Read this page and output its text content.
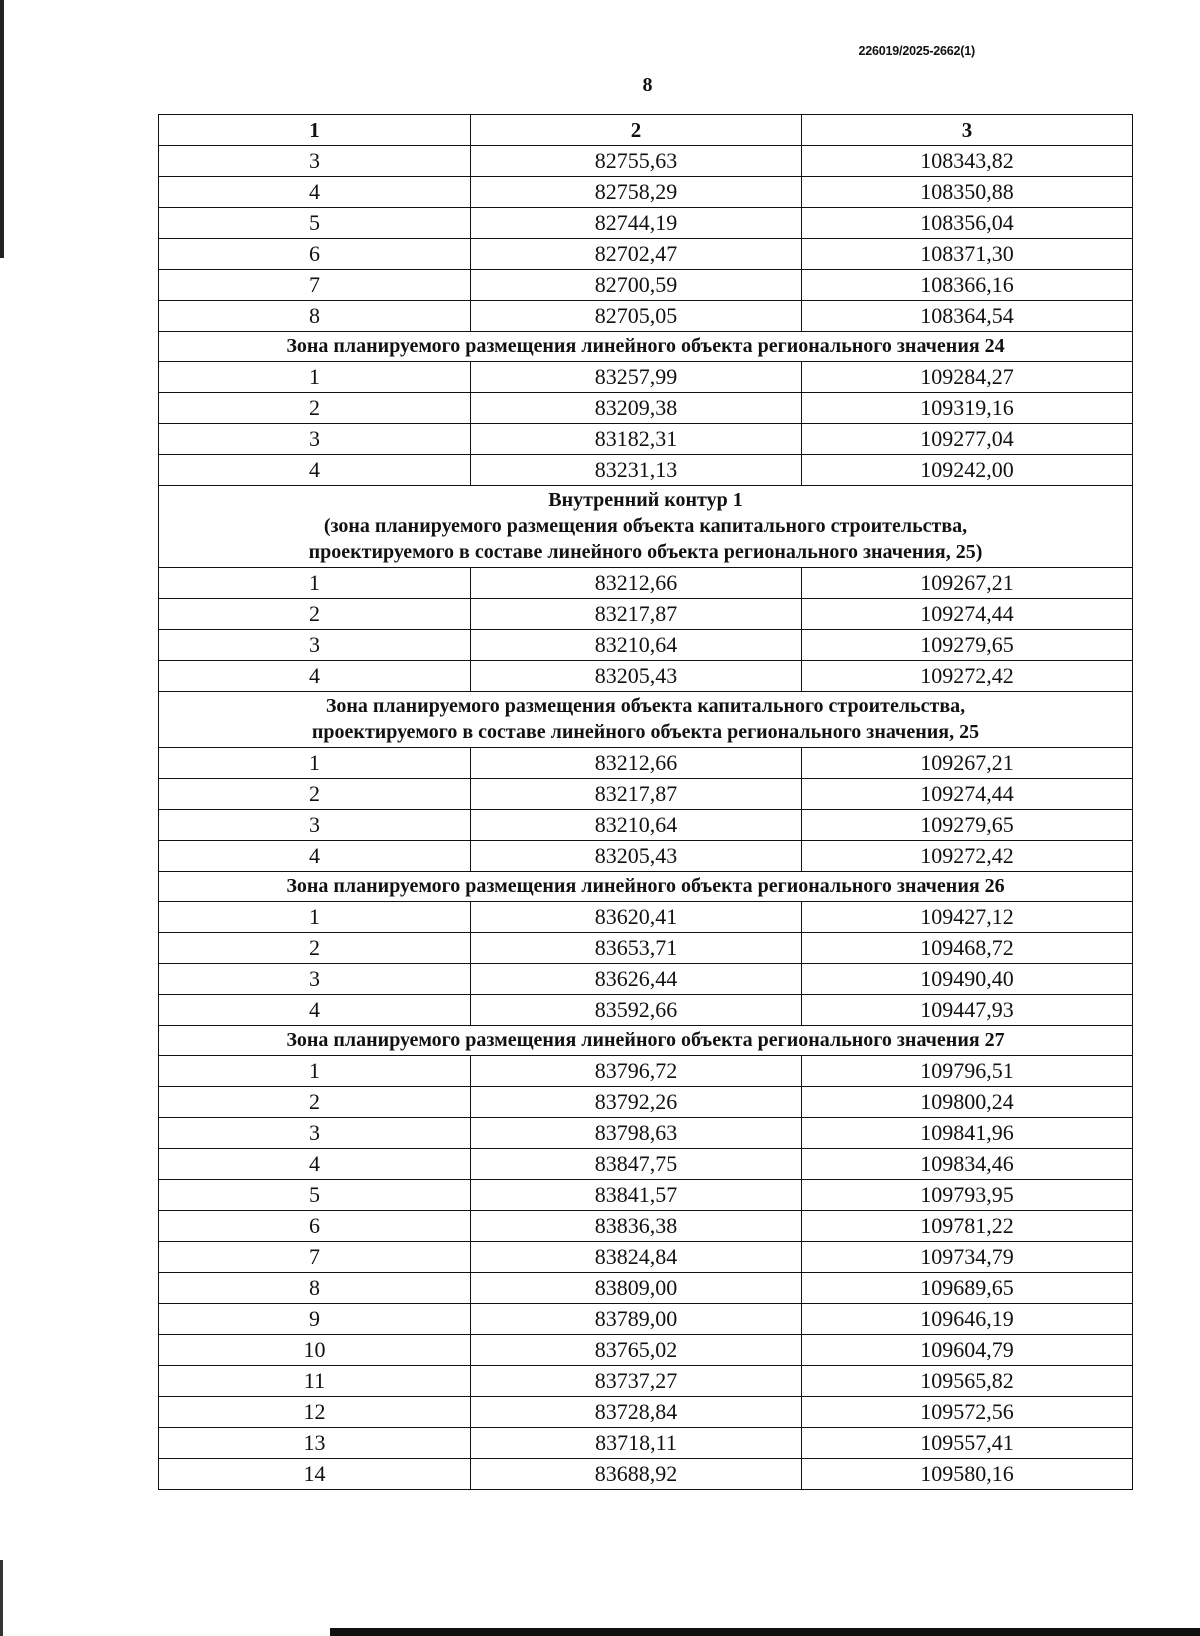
226019/2025-2662(1)
8
1	2	3
3	82755,63	108343,82
4	82758,29	108350,88
5	82744,19	108356,04
6	82702,47	108371,30
7	82700,59	108366,16
8	82705,05	108364,54

Зона планируемого размещения линейного объекта регионального значения 24		

1	83257,99	109284,27
2	83209,38	109319,16
3	83182,31	109277,04
4	83231,13	109242,00

Внутренний контур 1
(зона планируемого размещения объекта капитального строительства,
проектируемого в составе линейного объекта регионального значения, 25)		

1	83212,66	109267,21
2	83217,87	109274,44
3	83210,64	109279,65
4	83205,43	109272,42

Зона планируемого размещения объекта капитального строительства,
проектируемого в составе линейного объекта регионального значения, 25		

1	83212,66	109267,21
2	83217,87	109274,44
3	83210,64	109279,65
4	83205,43	109272,42

Зона планируемого размещения линейного объекта регионального значения 26		

1	83620,41	109427,12
2	83653,71	109468,72
3	83626,44	109490,40
4	83592,66	109447,93

Зона планируемого размещения линейного объекта регионального значения 27		

1	83796,72	109796,51
2	83792,26	109800,24
3	83798,63	109841,96
4	83847,75	109834,46
5	83841,57	109793,95
6	83836,38	109781,22
7	83824,84	109734,79
8	83809,00	109689,65
9	83789,00	109646,19
10	83765,02	109604,79
11	83737,27	109565,82
12	83728,84	109572,56
13	83718,11	109557,41
14	83688,92	109580,16
